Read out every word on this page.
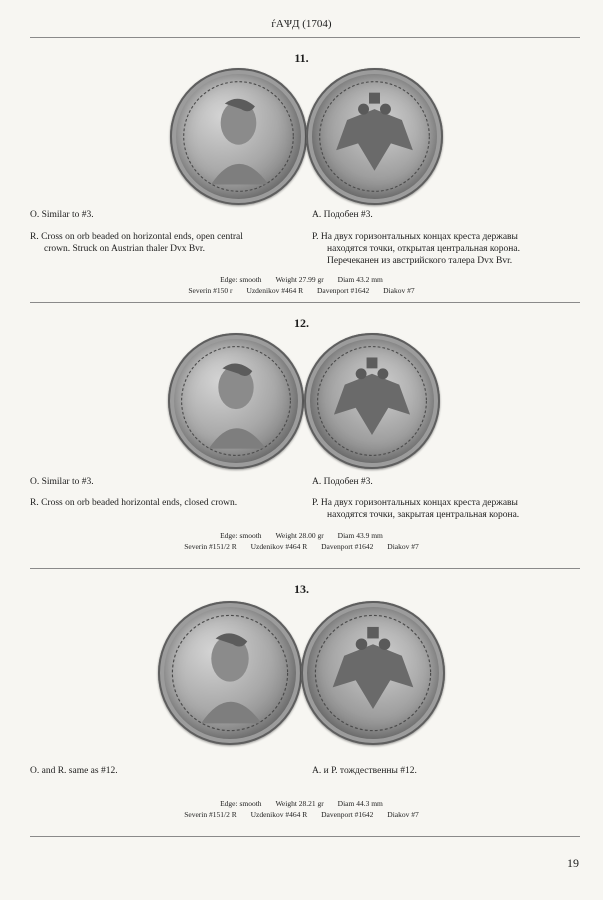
ѓАѰД (1704)
11.
O. Similar to #3.
R. Cross on orb beaded on horizontal ends, open central
crown. Struck on Austrian thaler Dvx Bvr.
А. Подобен #3.
Р. На двух горизонтальных концах креста державы
находятся точки, открытая центральная корона.
Перечеканен из австрийского талера Dvx Bvr.
Edge: smooth Weight 27.99 gr Diam 43.2 mm
Severin #150 r Uzdenikov #464 R Davenport #1642 Diakov #7
12.
O. Similar to #3.
R. Cross on orb beaded horizontal ends, closed crown.
А. Подобен #3.
Р. На двух горизонтальных концах креста державы
находятся точки, закрытая центральная корона.
Edge: smooth Weight 28.00 gr Diam 43.9 mm
Severin #151/2 R Uzdenikov #464 R Davenport #1642 Diakov #7
13.
O. and R. same as #12.	А. и Р. тождественны #12.
Edge: smooth Weight 28.21 gr Diam 44.3 mm
Severin #151/2 R Uzdenikov #464 R Davenport #1642 Diakov #7
19
